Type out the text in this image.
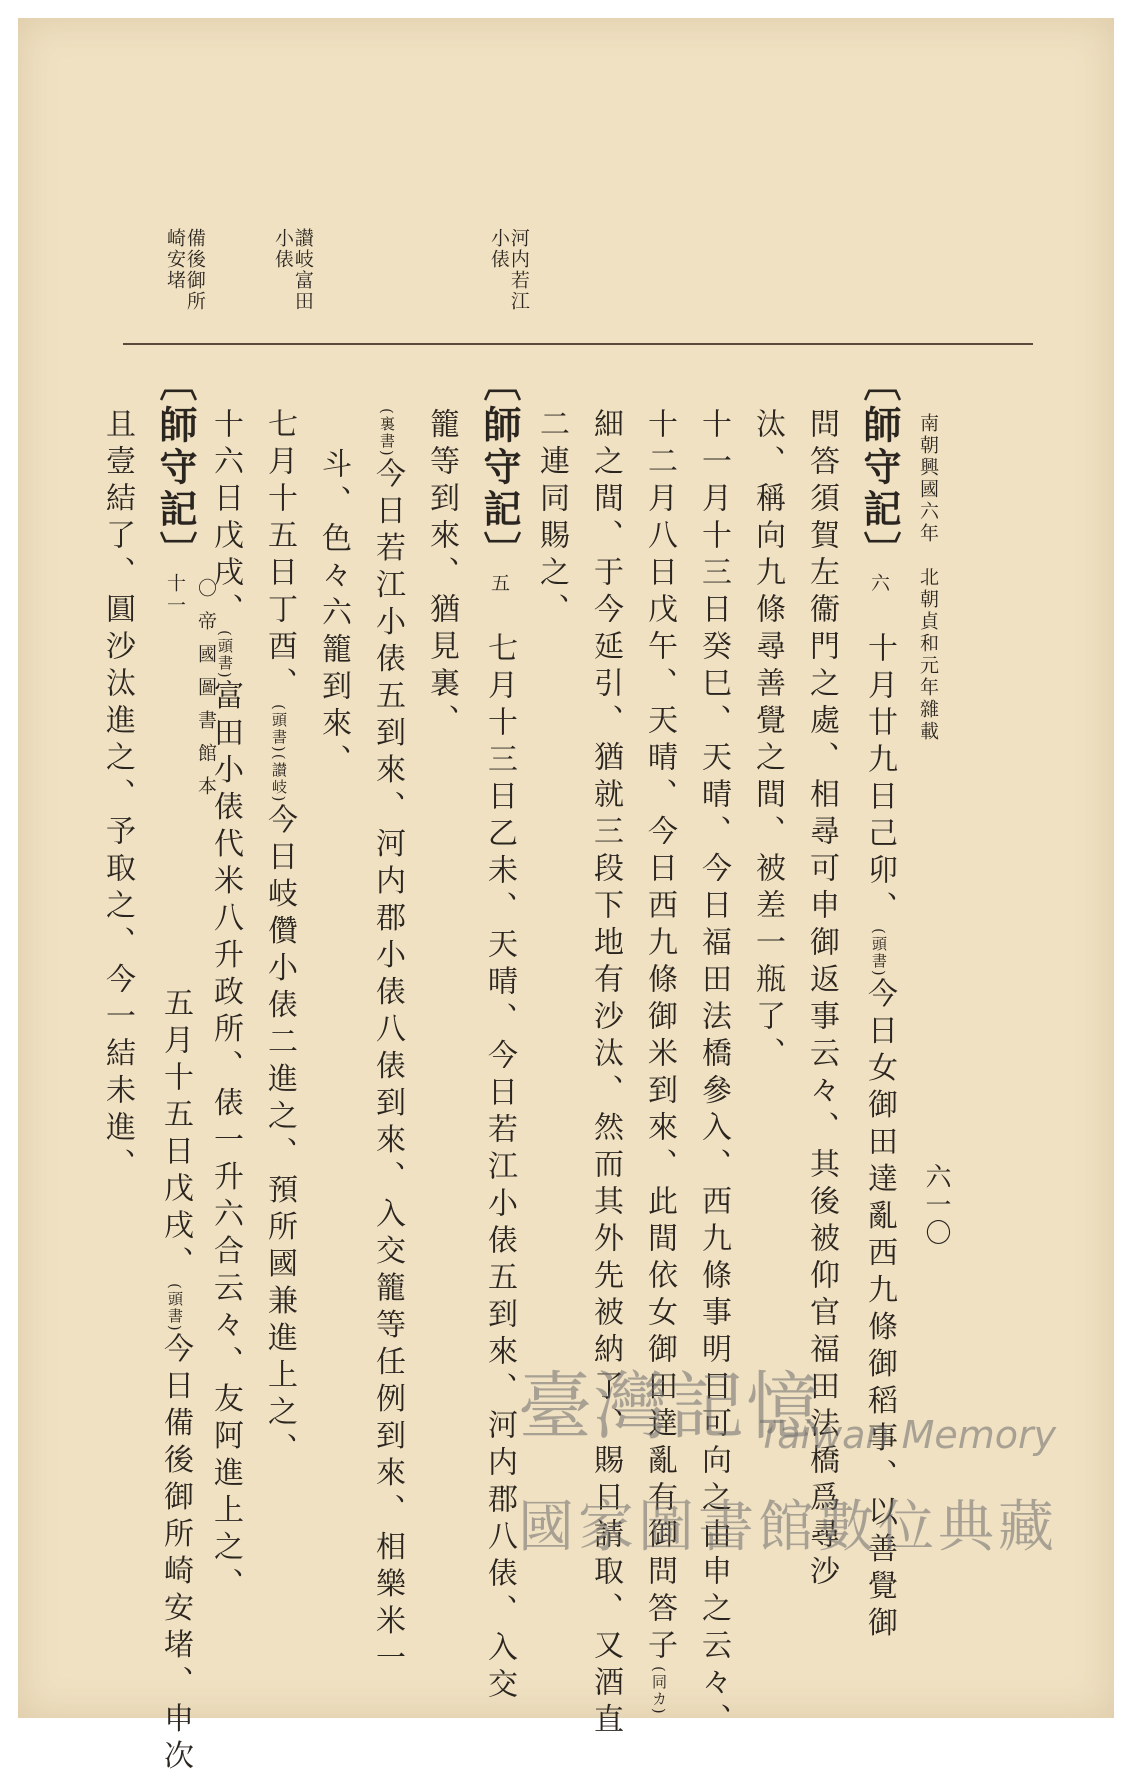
河内若江
小俵
讃岐富田
小俵
備後御所
崎安堵
南朝興國六年　北朝貞和元年雜載
六一〇
〔師守記〕六　十月廿九日己卯、(頭書)今日女御田達亂西九條御稻事、以善覺御
問答須賀左衞門之處、相尋可申御返事云々、其後被仰官福田法橋爲尋沙
汰、稱向九條尋善覺之間、被差一瓶了、
十一月十三日癸巳、天晴、今日福田法橋參入、西九條事明日可向之由申之云々、
十二月八日戊午、天晴、今日西九條御米到來、此間依女御田達亂有御問答子(同カ)
細之間、于今延引、猶就三段下地有沙汰、然而其外先被納了、賜日請取、又酒直
二連同賜之、
〔師守記〕五　七月十三日乙未、天晴、今日若江小俵五到來、河内郡八俵、入交
籠等到來、猶見裏、
(裏書)今日若江小俵五到來、河内郡小俵八俵到來、入交籠等任例到來、相樂米一
斗、色々六籠到來、
七月十五日丁酉、(頭書)(讃岐)今日岐儹小俵二進之、預所國兼進上之、
十六日戊戌、(頭書)富田小俵代米八升政所、俵一升六合云々、友阿進上之、
〔師守記〕十一　　　　　　　　　　五月十五日戊戌、(頭書)今日備後御所崎安堵、申次
〇帝國圖書館本
且壹結了、圓沙汰進之、予取之、今一結未進、
臺灣記憶
Taiwan Memory
國家圖書館數位典藏
